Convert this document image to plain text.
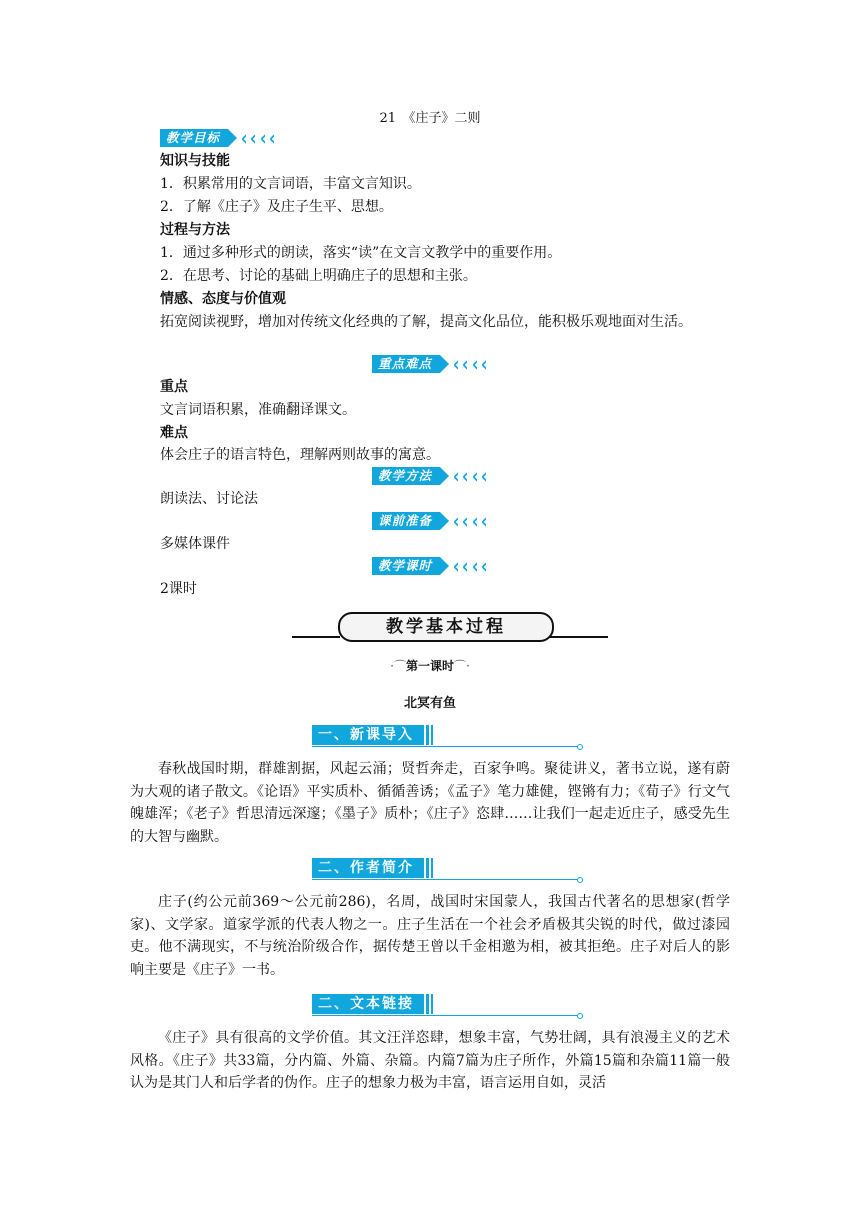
21　《庄子》二则
教学目标	‹ ‹ ‹ ‹
知识与技能
1．积累常用的文言词语，丰富文言知识。
2．了解《庄子》及庄子生平、思想。
过程与方法
1．通过多种形式的朗读，落实“读”在文言文教学中的重要作用。
2．在思考、讨论的基础上明确庄子的思想和主张。
情感、态度与价值观
拓宽阅读视野，增加对传统文化经典的了解，提高文化品位，能积极乐观地面对生活。
重点难点	‹ ‹ ‹ ‹
重点
文言词语积累，准确翻译课文。
难点
体会庄子的语言特色，理解两则故事的寓意。
教学方法	‹ ‹ ‹ ‹
朗读法、讨论法
课前准备	‹ ‹ ‹ ‹
多媒体课件
教学课时	‹ ‹ ‹ ‹
2课时
教学基本过程
·⌒第一课时⌒·
北冥有鱼
一、新课导入

春秋战国时期，群雄割据，风起云涌；贤哲奔走，百家争鸣。聚徒讲义，著书立说，遂有蔚为大观的诸子散文。《论语》平实质朴、循循善诱；《孟子》笔力雄健，铿锵有力；《荀子》行文气魄雄浑；《老子》哲思清远深邃；《墨子》质朴；《庄子》恣肆……让我们一起走近庄子，感受先生的大智与幽默。

二、作者简介

庄子(约公元前369～公元前286)，名周，战国时宋国蒙人，我国古代著名的思想家(哲学家)、文学家。道家学派的代表人物之一。庄子生活在一个社会矛盾极其尖锐的时代，做过漆园吏。他不满现实，不与统治阶级合作，据传楚王曾以千金相邀为相，被其拒绝。庄子对后人的影响主要是《庄子》一书。

二、文本链接

《庄子》具有很高的文学价值。其文汪洋恣肆，想象丰富，气势壮阔，具有浪漫主义的艺术风格。《庄子》共33篇，分内篇、外篇、杂篇。内篇7篇为庄子所作，外篇15篇和杂篇11篇一般认为是其门人和后学者的伪作。庄子的想象力极为丰富，语言运用自如，灵活
